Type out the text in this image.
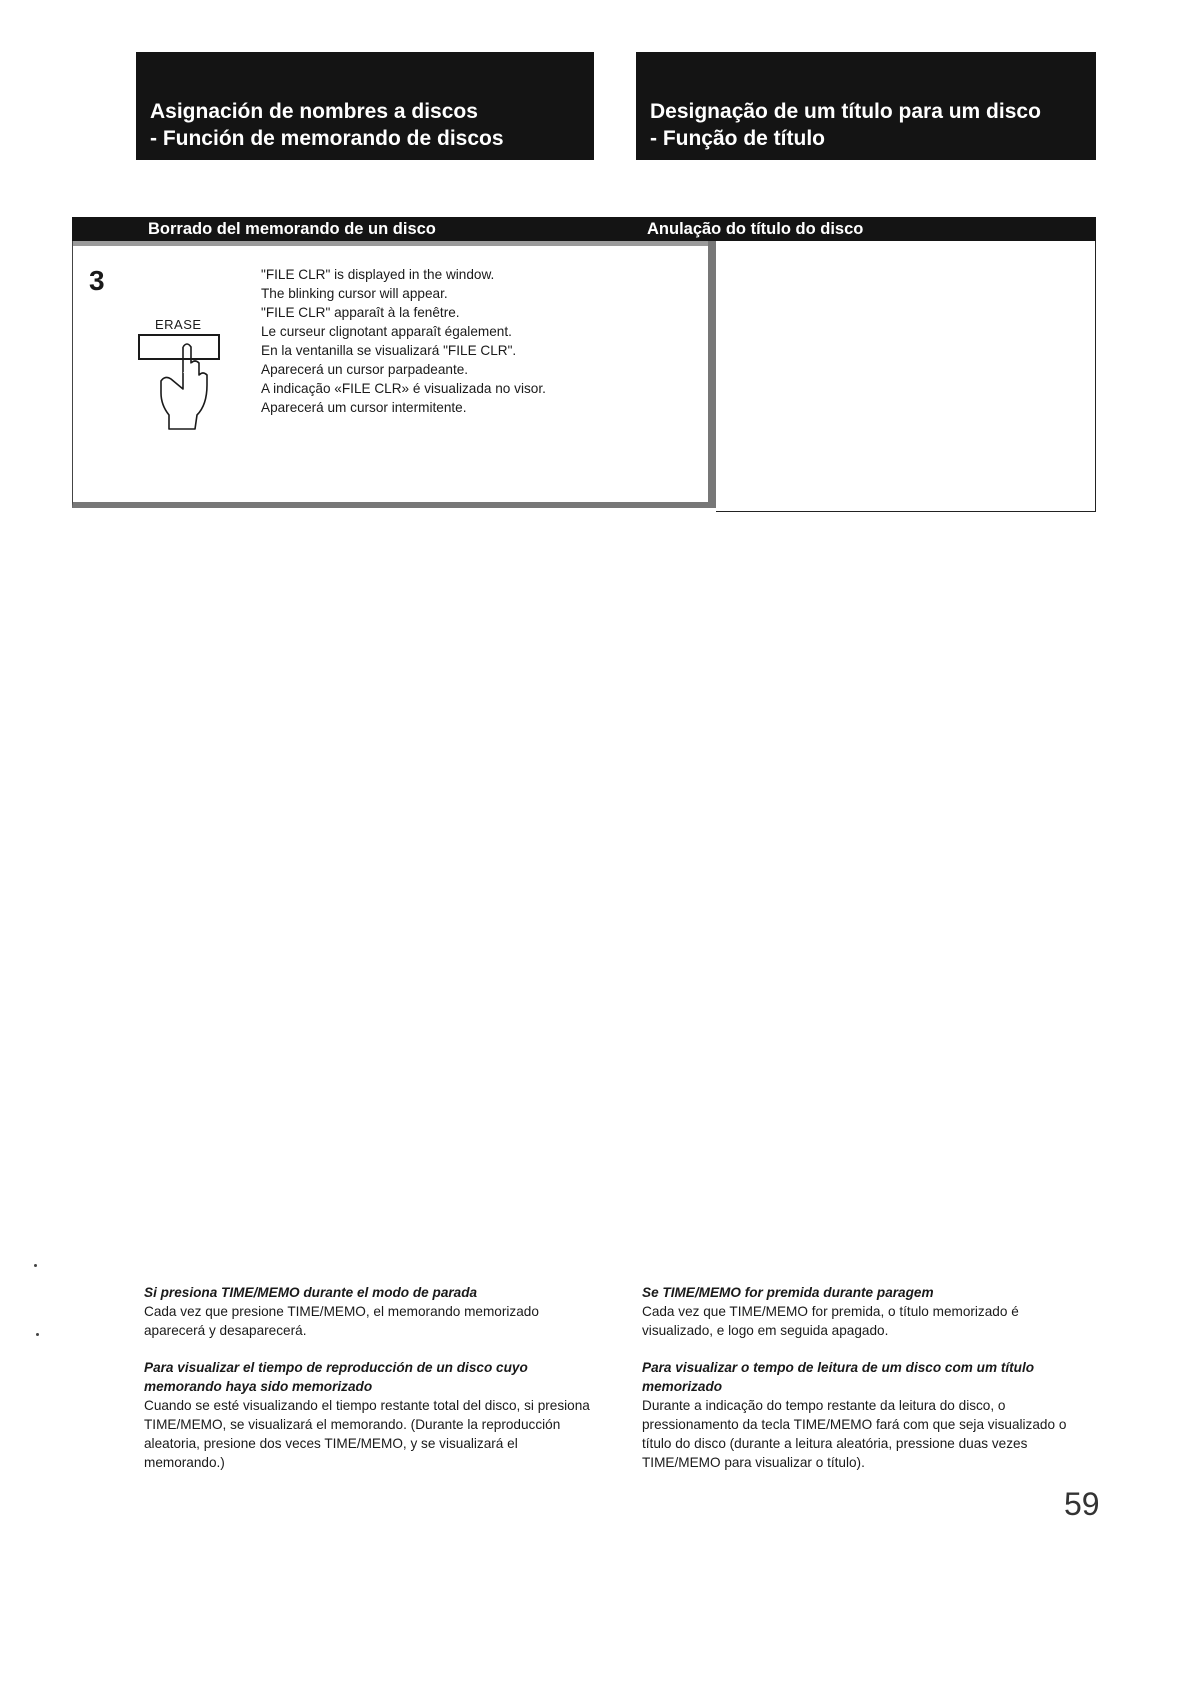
Asignación de nombres a discos
- Función de memorando de discos
Designação de um título para um disco
- Função de título
Borrado del memorando de un disco	Anulação do título do disco
3
ERASE
"FILE CLR" is displayed in the window.
The blinking cursor will appear.
"FILE CLR" apparaît à la fenêtre.
Le curseur clignotant apparaît également.
En la ventanilla se visualizará "FILE CLR".
Aparecerá un cursor parpadeante.
A indicação «FILE CLR» é visualizada no visor.
Aparecerá um cursor intermitente.
Si presiona TIME/MEMO durante el modo de parada
Cada vez que presione TIME/MEMO, el memorando memorizado aparecerá y desaparecerá.
Para visualizar el tiempo de reproducción de un disco cuyo memorando haya sido memorizado
Cuando se esté visualizando el tiempo restante total del disco, si presiona TIME/MEMO, se visualizará el memorando. (Durante la reproducción aleatoria, presione dos veces TIME/MEMO, y se visualizará el memorando.)
Se TIME/MEMO for premida durante paragem
Cada vez que TIME/MEMO for premida, o título memorizado é visualizado, e logo em seguida apagado.
Para visualizar o tempo de leitura de um disco com um título memorizado
Durante a indicação do tempo restante da leitura do disco, o pressionamento da tecla TIME/MEMO fará com que seja visualizado o título do disco (durante a leitura aleatória, pressione duas vezes TIME/MEMO para visualizar o título).
59
